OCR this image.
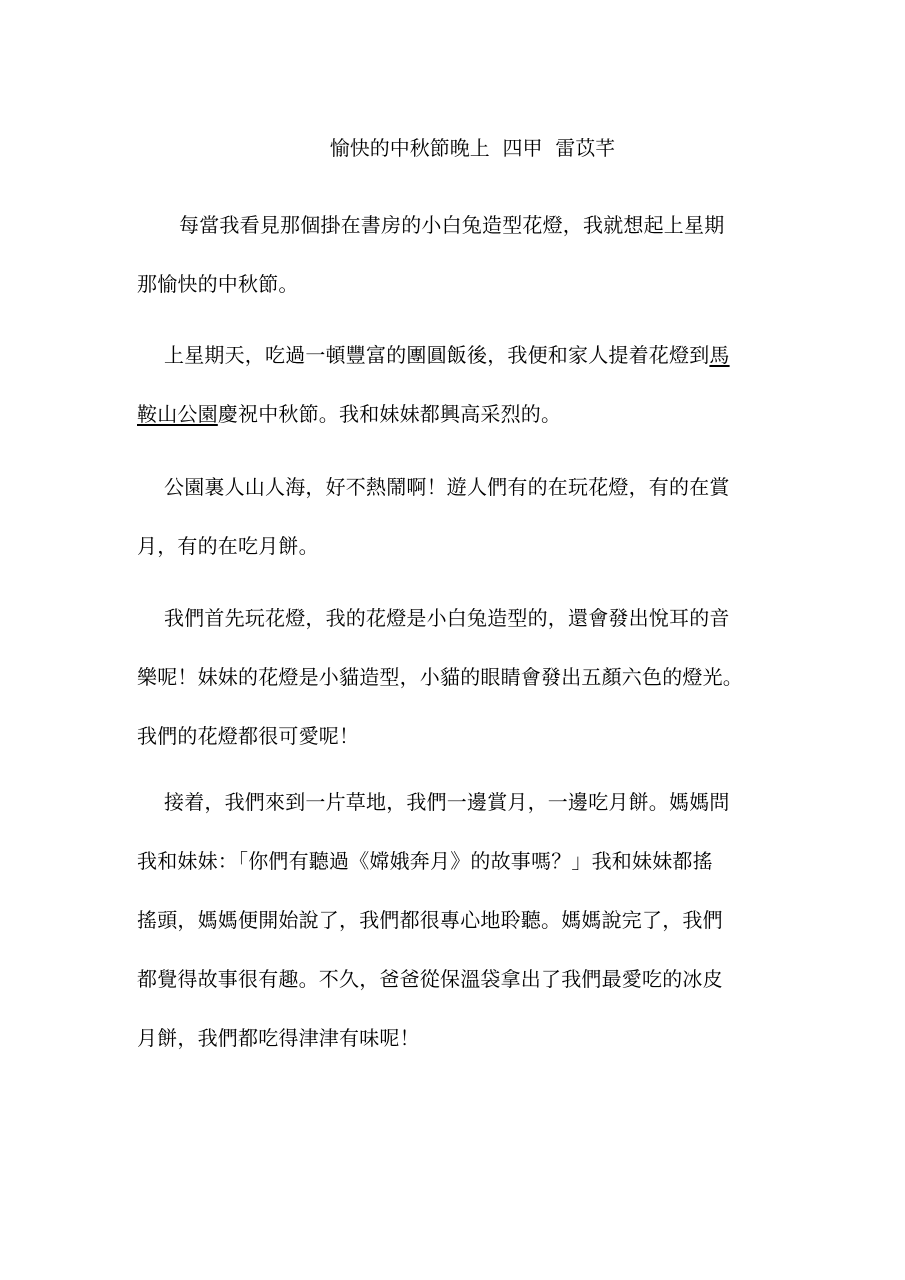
愉快的中秋節晚上  四甲  雷苡芊
每當我看見那個掛在書房的小白兔造型花燈，我就想起上星期
那愉快的中秋節。
上星期天，吃過一頓豐富的團圓飯後，我便和家人提着花燈到馬
鞍山公園慶祝中秋節。我和妹妹都興高采烈的。
公園裏人山人海，好不熱鬧啊！遊人們有的在玩花燈，有的在賞
月，有的在吃月餅。
我們首先玩花燈，我的花燈是小白兔造型的，還會發出悅耳的音
樂呢！妹妹的花燈是小貓造型，小貓的眼睛會發出五顏六色的燈光。
我們的花燈都很可愛呢！
接着，我們來到一片草地，我們一邊賞月，一邊吃月餅。媽媽問
我和妹妹：「你們有聽過《嫦娥奔月》的故事嗎？」我和妹妹都搖
搖頭，媽媽便開始說了，我們都很專心地聆聽。媽媽說完了，我們
都覺得故事很有趣。不久，爸爸從保溫袋拿出了我們最愛吃的冰皮
月餅，我們都吃得津津有味呢！
